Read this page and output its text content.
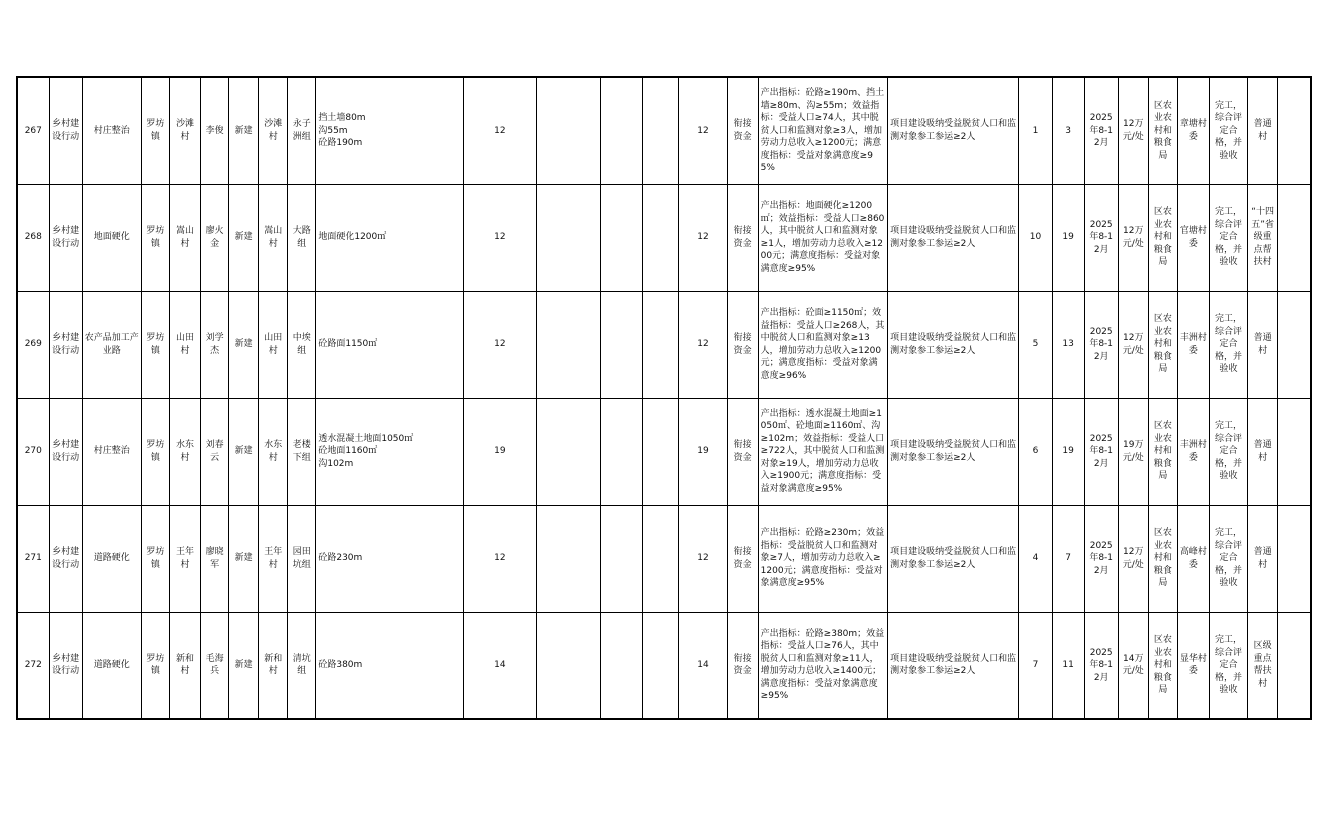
267	乡村建设行动	村庄整治	罗坊镇	沙滩村	李俊	新建	沙滩村	永子洲组	挡土墙80m
沟55m
砼路190m	12				12	衔接资金	产出指标：砼路≥190m、挡土墙≥80m、沟≥55m；效益指标：受益人口≥74人，其中脱贫人口和监测对象≥3人，增加劳动力总收入≥1200元；满意度指标：受益对象满意度≥95%	项目建设吸纳受益脱贫人口和监测对象参工参运≥2人	1	3	2025年8-12月	12万元/处	区农业农村和粮食局	章塘村委	完工，综合评定合格，并验收	普通村	
268	乡村建设行动	地面硬化	罗坊镇	嵩山村	廖火金	新建	嵩山村	大路组	地面硬化1200㎡	12				12	衔接资金	产出指标：地面硬化≥1200㎡；效益指标：受益人口≥860人，其中脱贫人口和监测对象≥1人，增加劳动力总收入≥1200元；满意度指标：受益对象满意度≥95%	项目建设吸纳受益脱贫人口和监测对象参工参运≥2人	10	19	2025年8-12月	12万元/处	区农业农村和粮食局	官塘村委	完工，综合评定合格，并验收	“十四五”省级重点帮扶村	
269	乡村建设行动	农产品加工产业路	罗坊镇	山田村	刘学杰	新建	山田村	中埃组	砼路面1150㎡	12				12	衔接资金	产出指标：砼面≥1150㎡；效益指标：受益人口≥268人，其中脱贫人口和监测对象≥13人，增加劳动力总收入≥1200元；满意度指标：受益对象满意度≥96%	项目建设吸纳受益脱贫人口和监测对象参工参运≥2人	5	13	2025年8-12月	12万元/处	区农业农村和粮食局	丰洲村委	完工，综合评定合格，并验收	普通村	
270	乡村建设行动	村庄整治	罗坊镇	水东村	刘春云	新建	水东村	老楼下组	透水混凝土地面1050㎡
砼地面1160㎡
沟102m	19				19	衔接资金	产出指标：透水混凝土地面≥1050㎡、砼地面≥1160㎡、沟≥102m；效益指标：受益人口≥722人，其中脱贫人口和监测对象≥19人，增加劳动力总收入≥1900元；满意度指标：受益对象满意度≥95%	项目建设吸纳受益脱贫人口和监测对象参工参运≥2人	6	19	2025年8-12月	19万元/处	区农业农村和粮食局	丰洲村委	完工，综合评定合格，并验收	普通村	
271	乡村建设行动	道路硬化	罗坊镇	王年村	廖晓军	新建	王年村	园田坑组	砼路230m	12				12	衔接资金	产出指标：砼路≥230m；效益指标：受益脱贫人口和监测对象≥7人，增加劳动力总收入≥1200元；满意度指标：受益对象满意度≥95%	项目建设吸纳受益脱贫人口和监测对象参工参运≥2人	4	7	2025年8-12月	12万元/处	区农业农村和粮食局	高峰村委	完工，综合评定合格，并验收	普通村	
272	乡村建设行动	道路硬化	罗坊镇	新和村	毛海兵	新建	新和村	清坑组	砼路380m	14				14	衔接资金	产出指标：砼路≥380m；效益指标：受益人口≥76人，其中脱贫人口和监测对象≥11人，增加劳动力总收入≥1400元；满意度指标：受益对象满意度≥95%	项目建设吸纳受益脱贫人口和监测对象参工参运≥2人	7	11	2025年8-12月	14万元/处	区农业农村和粮食局	显华村委	完工，综合评定合格，并验收	区级重点帮扶村	
